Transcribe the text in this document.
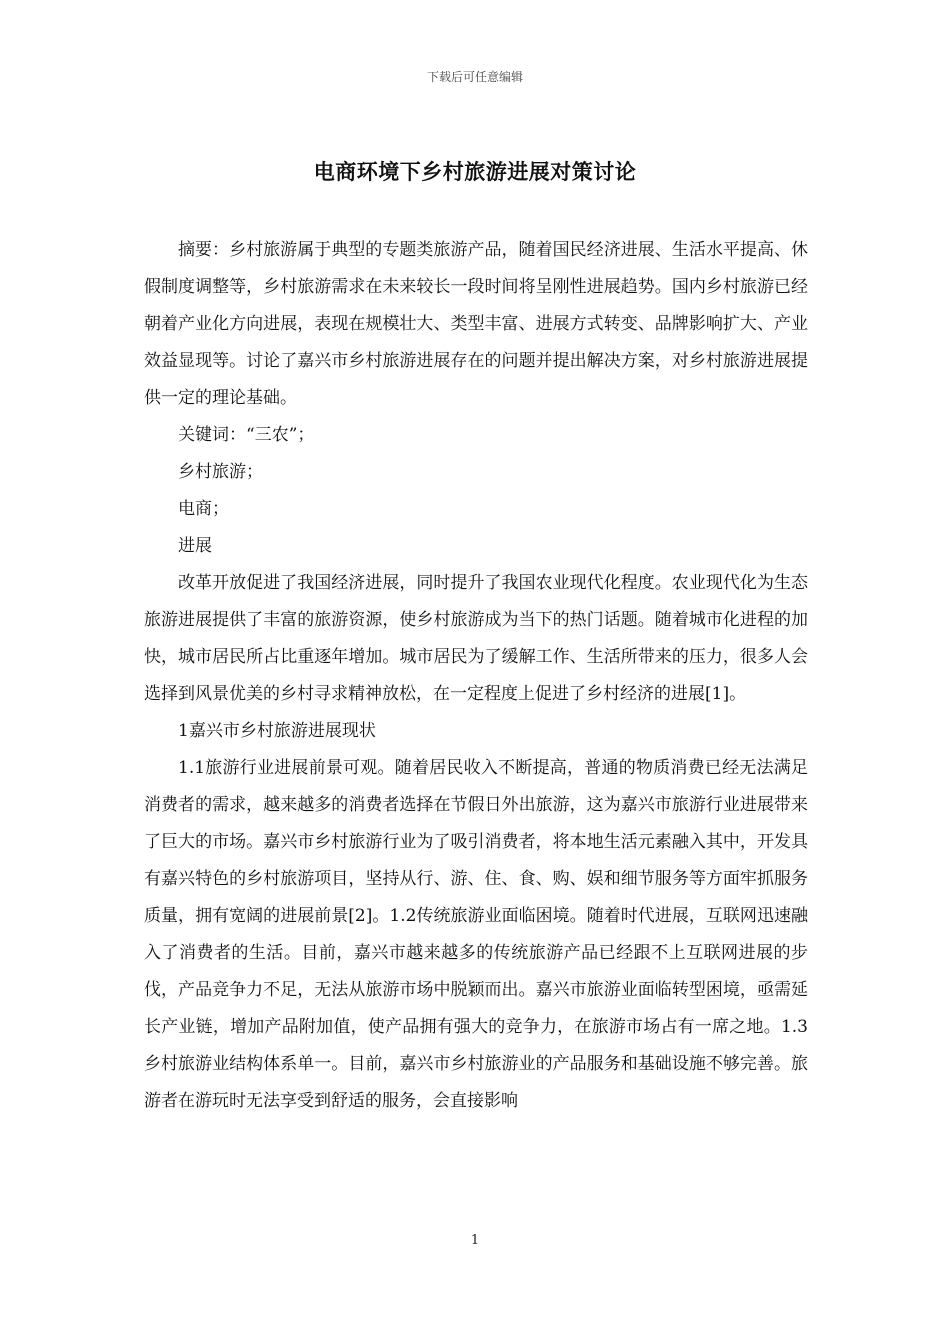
下载后可任意编辑
电商环境下乡村旅游进展对策讨论

摘要：乡村旅游属于典型的专题类旅游产品，随着国民经济进展、生活水平提高、休假制度调整等，乡村旅游需求在未来较长一段时间将呈刚性进展趋势。国内乡村旅游已经朝着产业化方向进展，表现在规模壮大、类型丰富、进展方式转变、品牌影响扩大、产业效益显现等。讨论了嘉兴市乡村旅游进展存在的问题并提出解决方案，对乡村旅游进展提供一定的理论基础。

关键词：“三农”；

乡村旅游；

电商；

进展

改革开放促进了我国经济进展，同时提升了我国农业现代化程度。农业现代化为生态旅游进展提供了丰富的旅游资源，使乡村旅游成为当下的热门话题。随着城市化进程的加快，城市居民所占比重逐年增加。城市居民为了缓解工作、生活所带来的压力，很多人会选择到风景优美的乡村寻求精神放松，在一定程度上促进了乡村经济的进展[1]。

1嘉兴市乡村旅游进展现状

1.1旅游行业进展前景可观。随着居民收入不断提高，普通的物质消费已经无法满足消费者的需求，越来越多的消费者选择在节假日外出旅游，这为嘉兴市旅游行业进展带来了巨大的市场。嘉兴市乡村旅游行业为了吸引消费者，将本地生活元素融入其中，开发具有嘉兴特色的乡村旅游项目，坚持从行、游、住、食、购、娱和细节服务等方面牢抓服务质量，拥有宽阔的进展前景[2]。1.2传统旅游业面临困境。随着时代进展，互联网迅速融入了消费者的生活。目前，嘉兴市越来越多的传统旅游产品已经跟不上互联网进展的步伐，产品竞争力不足，无法从旅游市场中脱颖而出。嘉兴市旅游业面临转型困境，亟需延长产业链，增加产品附加值，使产品拥有强大的竞争力，在旅游市场占有一席之地。1.3乡村旅游业结构体系单一。目前，嘉兴市乡村旅游业的产品服务和基础设施不够完善。旅游者在游玩时无法享受到舒适的服务，会直接影响

1
